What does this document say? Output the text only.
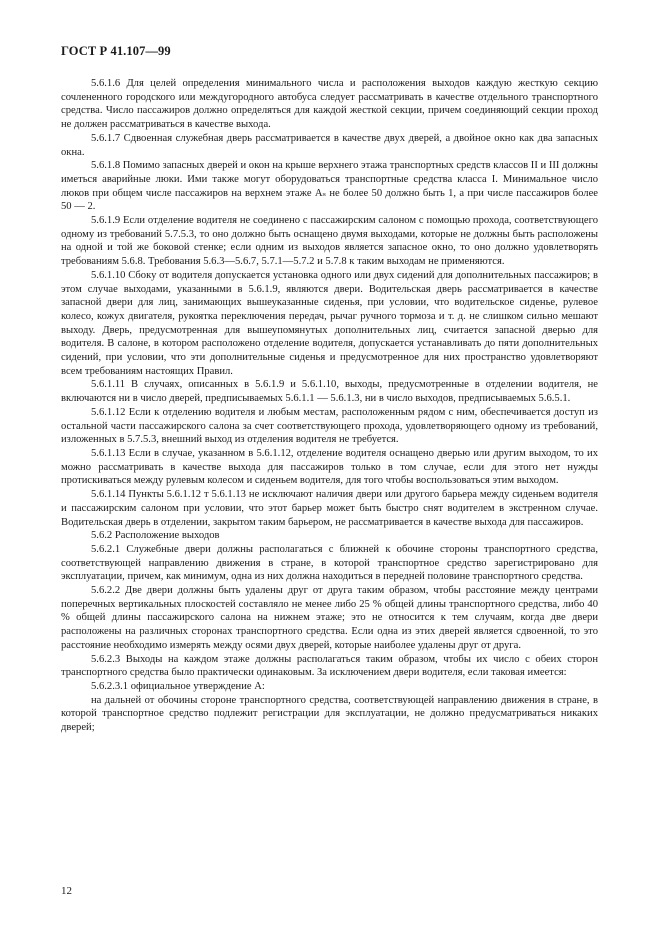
ГОСТ Р 41.107—99

5.6.1.6 Для целей определения минимального числа и расположения выходов каждую жесткую секцию сочлененного городского или междугородного автобуса следует рассматривать в качестве отдельного транспортного средства. Число пассажиров должно определяться для каждой жесткой секции, причем соединяющий секции проход не должен рассматриваться в качестве выхода.

5.6.1.7 Сдвоенная служебная дверь рассматривается в качестве двух дверей, а двойное окно как два запасных окна.

5.6.1.8 Помимо запасных дверей и окон на крыше верхнего этажа транспортных средств классов II и III должны иметься аварийные люки. Ими также могут оборудоваться транспортные средства класса I. Минимальное число люков при общем числе пассажиров на верхнем этаже Aₛ не более 50 должно быть 1, а при числе пассажиров более 50 — 2.

5.6.1.9 Если отделение водителя не соединено с пассажирским салоном с помощью прохода, соответствующего одному из требований 5.7.5.3, то оно должно быть оснащено двумя выходами, которые не должны быть расположены на одной и той же боковой стенке; если одним из выходов является запасное окно, то оно должно удовлетворять требованиям 5.6.8. Требования 5.6.3—5.6.7, 5.7.1—5.7.2 и 5.7.8 к таким выходам не применяются.

5.6.1.10 Сбоку от водителя допускается установка одного или двух сидений для дополнительных пассажиров; в этом случае выходами, указанными в 5.6.1.9, являются двери. Водительская дверь рассматривается в качестве запасной двери для лиц, занимающих вышеуказанные сиденья, при условии, что водительское сиденье, рулевое колесо, кожух двигателя, рукоятка переключения передач, рычаг ручного тормоза и т. д. не слишком сильно мешают выходу. Дверь, предусмотренная для вышеупомянутых дополнительных лиц, считается запасной дверью для водителя. В салоне, в котором расположено отделение водителя, допускается устанавливать до пяти дополнительных сидений, при условии, что эти дополнительные сиденья и предусмотренное для них пространство удовлетворяют всем требованиям настоящих Правил.

5.6.1.11 В случаях, описанных в 5.6.1.9 и 5.6.1.10, выходы, предусмотренные в отделении водителя, не включаются ни в число дверей, предписываемых 5.6.1.1 — 5.6.1.3, ни в число выходов, предписываемых 5.6.5.1.

5.6.1.12 Если к отделению водителя и любым местам, расположенным рядом с ним, обеспечивается доступ из остальной части пассажирского салона за счет соответствующего прохода, удовлетворяющего одному из требований, изложенных в 5.7.5.3, внешний выход из отделения водителя не требуется.

5.6.1.13 Если в случае, указанном в 5.6.1.12, отделение водителя оснащено дверью или другим выходом, то их можно рассматривать в качестве выхода для пассажиров только в том случае, если для этого нет нужды протискиваться между рулевым колесом и сиденьем водителя, для того чтобы воспользоваться этим выходом.

5.6.1.14 Пункты 5.6.1.12 т 5.6.1.13 не исключают наличия двери или другого барьера между сиденьем водителя и пассажирским салоном при условии, что этот барьер может быть быстро снят водителем в экстренном случае. Водительская дверь в отделении, закрытом таким барьером, не рассматривается в качестве выхода для пассажиров.

5.6.2 Расположение выходов

5.6.2.1 Служебные двери должны располагаться с ближней к обочине стороны транспортного средства, соответствующей направлению движения в стране, в которой транспортное средство зарегистрировано для эксплуатации, причем, как минимум, одна из них должна находиться в передней половине транспортного средства.

5.6.2.2 Две двери должны быть удалены друг от друга таким образом, чтобы расстояние между центрами поперечных вертикальных плоскостей составляло не менее либо 25 % общей длины транспортного средства, либо 40 % общей длины пассажирского салона на нижнем этаже; это не относится к тем случаям, когда две двери расположены на различных сторонах транспортного средства. Если одна из этих дверей является сдвоенной, то это расстояние необходимо измерять между осями двух дверей, которые наиболее удалены друг от друга.

5.6.2.3 Выходы на каждом этаже должны располагаться таким образом, чтобы их число с обеих сторон транспортного средства было практически одинаковым. За исключением двери водителя, если таковая имеется:

5.6.2.3.1 официальное утверждение А:

на дальней от обочины стороне транспортного средства, соответствующей направлению движения в стране, в которой транспортное средство подлежит регистрации для эксплуатации, не должно предусматриваться никаких дверей;

12
